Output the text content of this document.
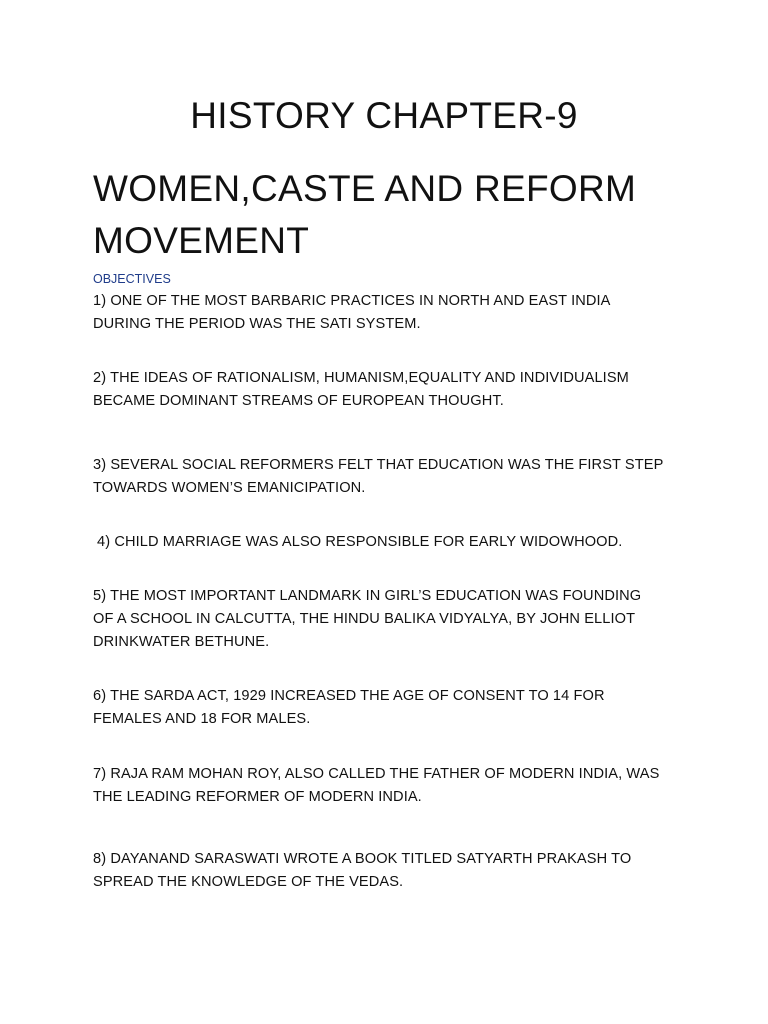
HISTORY CHAPTER-9
WOMEN,CASTE AND REFORM
MOVEMENT
OBJECTIVES
1) ONE OF THE MOST BARBARIC PRACTICES IN NORTH AND EAST INDIA
DURING THE PERIOD WAS THE SATI SYSTEM.
2) THE IDEAS OF RATIONALISM, HUMANISM,EQUALITY AND INDIVIDUALISM
BECAME DOMINANT STREAMS OF EUROPEAN THOUGHT.
3) SEVERAL SOCIAL REFORMERS FELT THAT EDUCATION WAS THE FIRST STEP
TOWARDS WOMEN’S EMANICIPATION.
4) CHILD MARRIAGE WAS ALSO RESPONSIBLE FOR EARLY WIDOWHOOD.
5) THE MOST IMPORTANT LANDMARK IN GIRL’S EDUCATION WAS FOUNDING
OF A SCHOOL IN CALCUTTA, THE HINDU BALIKA VIDYALYA, BY JOHN ELLIOT
DRINKWATER BETHUNE.
6) THE SARDA ACT, 1929 INCREASED THE AGE OF CONSENT TO 14 FOR
FEMALES AND 18 FOR MALES.
7) RAJA RAM MOHAN ROY, ALSO CALLED THE FATHER OF MODERN INDIA, WAS
THE LEADING REFORMER OF MODERN INDIA.
8) DAYANAND SARASWATI WROTE A BOOK TITLED SATYARTH PRAKASH TO
SPREAD THE KNOWLEDGE OF THE VEDAS.
